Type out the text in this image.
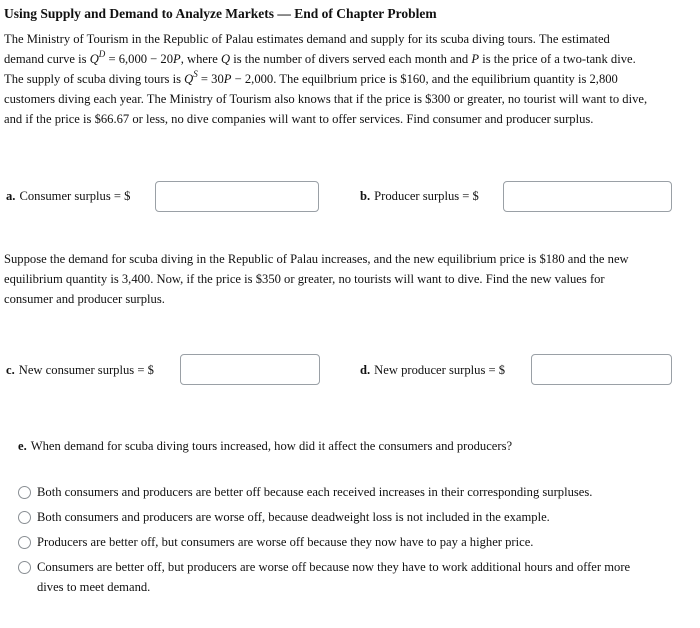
Using Supply and Demand to Analyze Markets — End of Chapter Problem
The Ministry of Tourism in the Republic of Palau estimates demand and supply for its scuba diving tours. The estimated
demand curve is $Q^D = 6,000 - 20P$, where Q is the number of divers served each month and P is the price of a two-tank dive.
The supply of scuba diving tours is $Q^S = 30P - 2,000$. The equilbrium price is $160, and the equilibrium quantity is 2,800
customers diving each year. The Ministry of Tourism also knows that if the price is $300 or greater, no tourist will want to dive,
and if the price is $66.67 or less, no dive companies will want to offer services. Find consumer and producer surplus.
a. Consumer surplus = $	b. Producer surplus = $
Suppose the demand for scuba diving in the Republic of Palau increases, and the new equilibrium price is $180 and the new
equilibrium quantity is 3,400. Now, if the price is $350 or greater, no tourists will want to dive. Find the new values for
consumer and producer surplus.
c. New consumer surplus = $	d. New producer surplus = $
e. When demand for scuba diving tours increased, how did it affect the consumers and producers?
Both consumers and producers are better off because each received increases in their corresponding surpluses.
Both consumers and producers are worse off, because deadweight loss is not included in the example.
Producers are better off, but consumers are worse off because they now have to pay a higher price.
Consumers are better off, but producers are worse off because now they have to work additional hours and offer more
dives to meet demand.
